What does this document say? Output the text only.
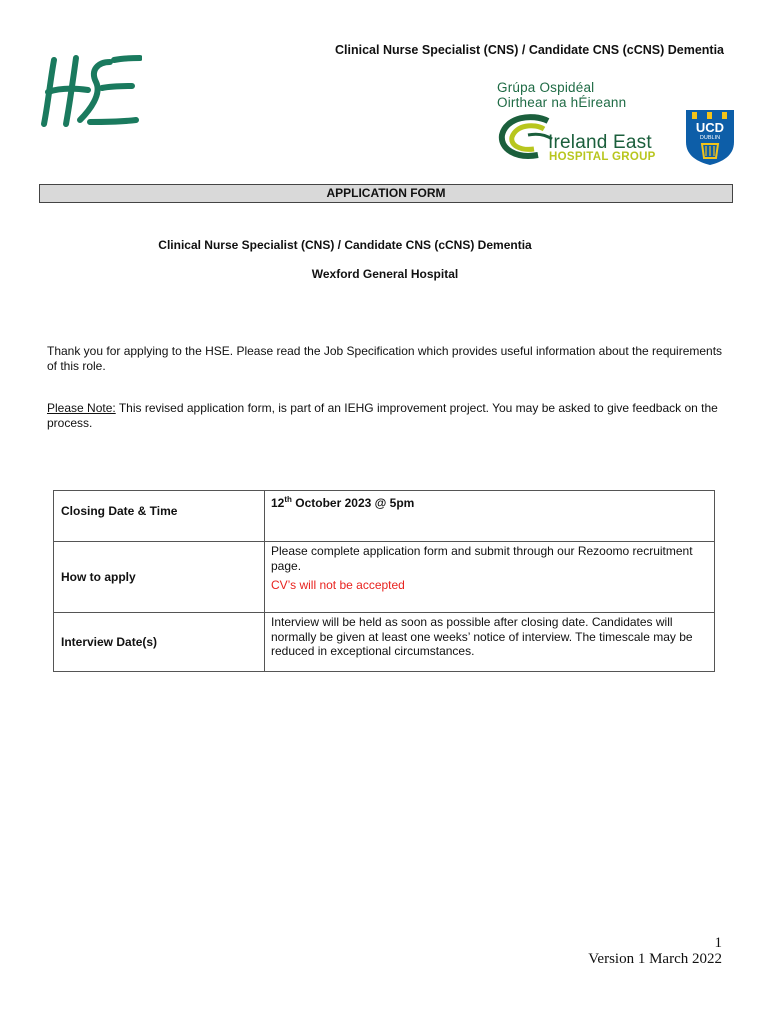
Clinical Nurse Specialist (CNS) / Candidate CNS (cCNS) Dementia
Grúpa Ospidéal
Oirthear na hÉireann
Ireland East
HOSPITAL GROUP
UCD
DUBLIN
APPLICATION FORM
Clinical Nurse Specialist (CNS) / Candidate CNS (cCNS) Dementia
Wexford General Hospital
Thank you for applying to the HSE. Please read the Job Specification which provides useful information about the requirements of this role.
Please Note: This revised application form, is part of an IEHG improvement project. You may be asked to give feedback on the process.
Closing Date & Time	12th October 2023 @ 5pm
How to apply	Please complete application form and submit through our Rezoomo recruitment page.
CV’s will not be accepted

Interview Date(s)	Interview will be held as soon as possible after closing date. Candidates will normally be given at least one weeks’ notice of interview. The timescale may be reduced in exceptional circumstances.
1
Version 1 March 2022
